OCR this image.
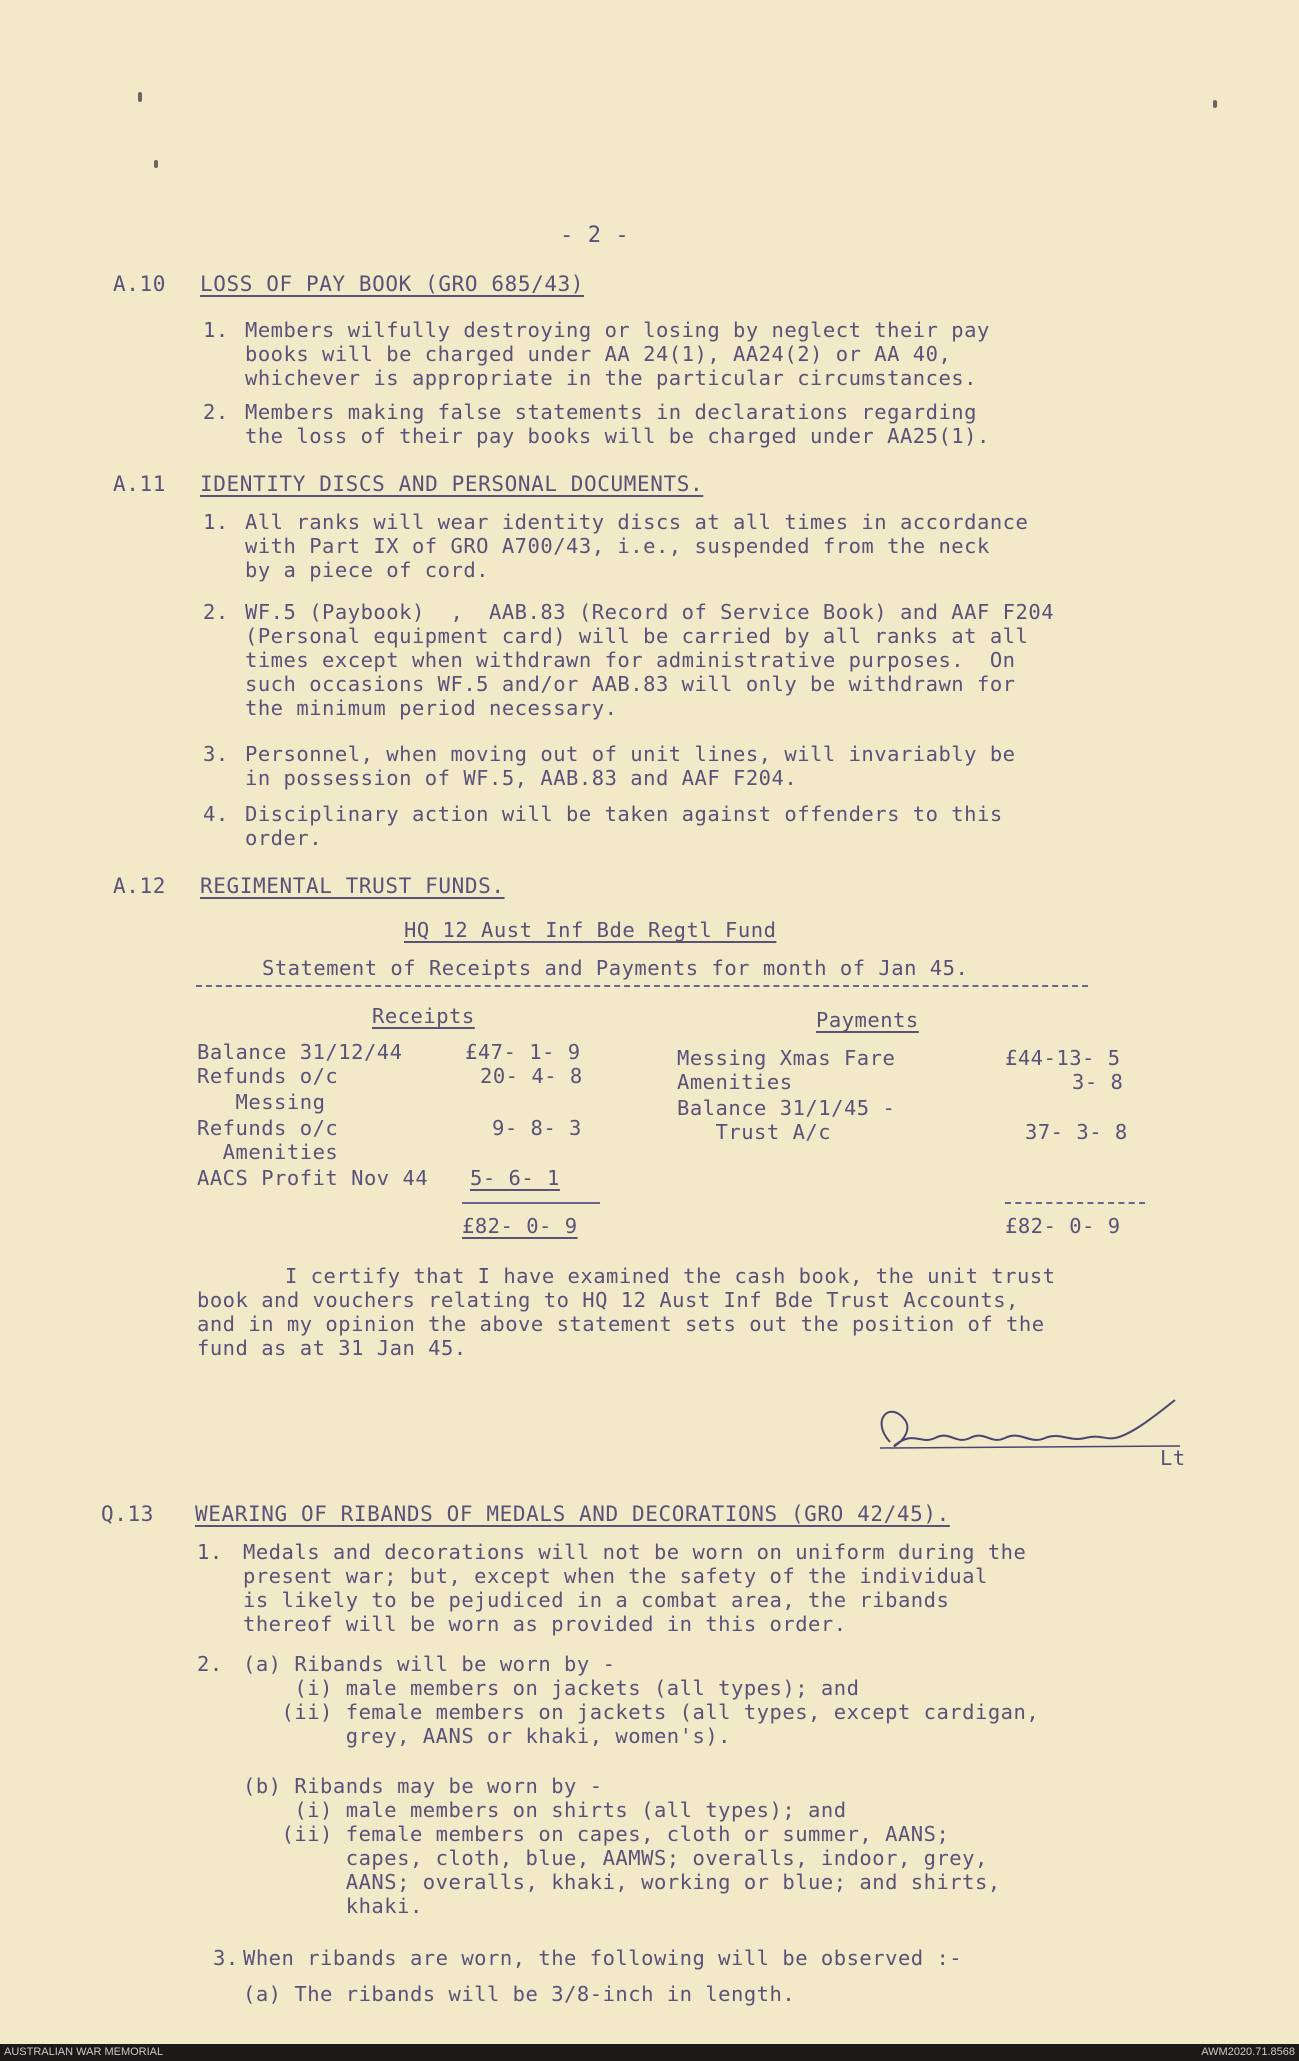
- 2 -
A.10 LOSS OF PAY BOOK (GRO 685/43)
1. Members wilfully destroying or losing by neglect their pay
books will be charged under AA 24(1), AA24(2) or AA 40,
whichever is appropriate in the particular circumstances.
2. Members making false statements in declarations regarding
the loss of their pay books will be charged under AA25(1).
A.11 IDENTITY DISCS AND PERSONAL DOCUMENTS.
1. All ranks will wear identity discs at all times in accordance
with Part IX of GRO A700/43, i.e., suspended from the neck
by a piece of cord.
2. WF.5 (Paybook)  ,  AAB.83 (Record of Service Book) and AAF F204
(Personal equipment card) will be carried by all ranks at all
times except when withdrawn for administrative purposes.  On
such occasions WF.5 and/or AAB.83 will only be withdrawn for
the minimum period necessary.
3. Personnel, when moving out of unit lines, will invariably be
in possession of WF.5, AAB.83 and AAF F204.
4. Disciplinary action will be taken against offenders to this
order.
A.12 REGIMENTAL TRUST FUNDS.
HQ 12 Aust Inf Bde Regtl Fund
Statement of Receipts and Payments for month of Jan 45.
Receipts	Payments
Balance 31/12/44	£47- 1- 9
Refunds o/c	20- 4- 8
Messing
Refunds o/c	9- 8- 3
Amenities
AACS Profit Nov 44 5- 6- 1
Messing Xmas Fare	£44-13- 5
Amenities	3- 8
Balance 31/1/45 -
Trust A/c	37- 3- 8
£82- 0- 9	£82- 0- 9
I certify that I have examined the cash book, the unit trust
book and vouchers relating to HQ 12 Aust Inf Bde Trust Accounts,
and in my opinion the above statement sets out the position of the
fund as at 31 Jan 45.
Lt
Q.13 WEARING OF RIBANDS OF MEDALS AND DECORATIONS (GRO 42/45).
1. Medals and decorations will not be worn on uniform during the
present war; but, except when the safety of the individual
is likely to be pejudiced in a combat area, the ribands
thereof will be worn as provided in this order.
2. (a) Ribands will be worn by -
(i) male members on jackets (all types); and
(ii) female members on jackets (all types, except cardigan,
grey, AANS or khaki, women's).
(b) Ribands may be worn by -
(i) male members on shirts (all types); and
(ii) female members on capes, cloth or summer, AANS;
capes, cloth, blue, AAMWS; overalls, indoor, grey,
AANS; overalls, khaki, working or blue; and shirts,
khaki.
3. When ribands are worn, the following will be observed :-
(a) The ribands will be 3/8-inch in length.
AUSTRALIAN WAR MEMORIAL	AWM2020.71.8568
